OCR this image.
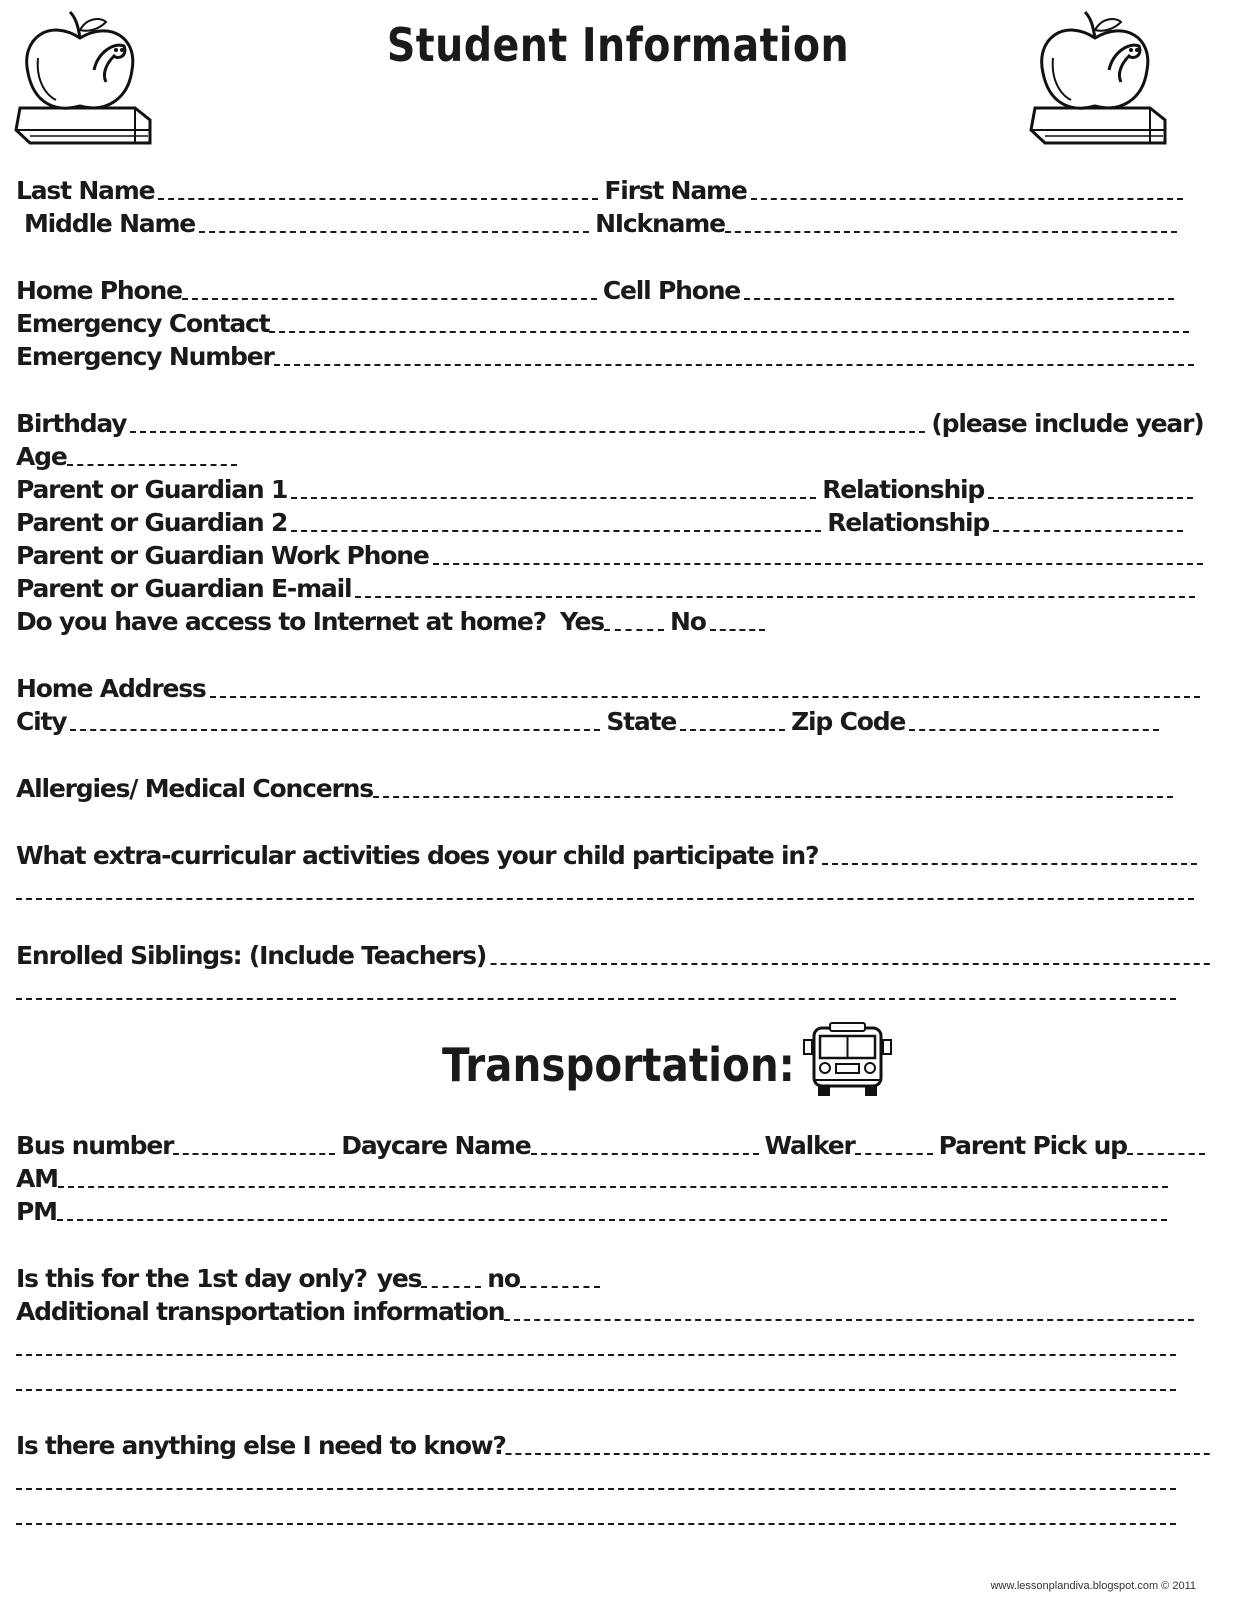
Student Information
Last Name	First Name
Middle Name	NIckname
Home Phone	Cell Phone
Emergency Contact
Emergency Number
Birthday	(please include year)
Age
Parent or Guardian 1	Relationship
Parent or Guardian 2	Relationship
Parent or Guardian Work Phone
Parent or Guardian E-mail
Do you have access to Internet at home? Yes	No
Home Address
City	State	Zip Code
Allergies/ Medical Concerns
What extra-curricular activities does your child participate in?
Enrolled Siblings: (Include Teachers)
Transportation:
Bus number	Daycare Name	Walker	Parent Pick up
AM
PM
Is this for the 1st day only? yes	no
Additional transportation information
Is there anything else I need to know?
www.lessonplandiva.blogspot.com © 2011
